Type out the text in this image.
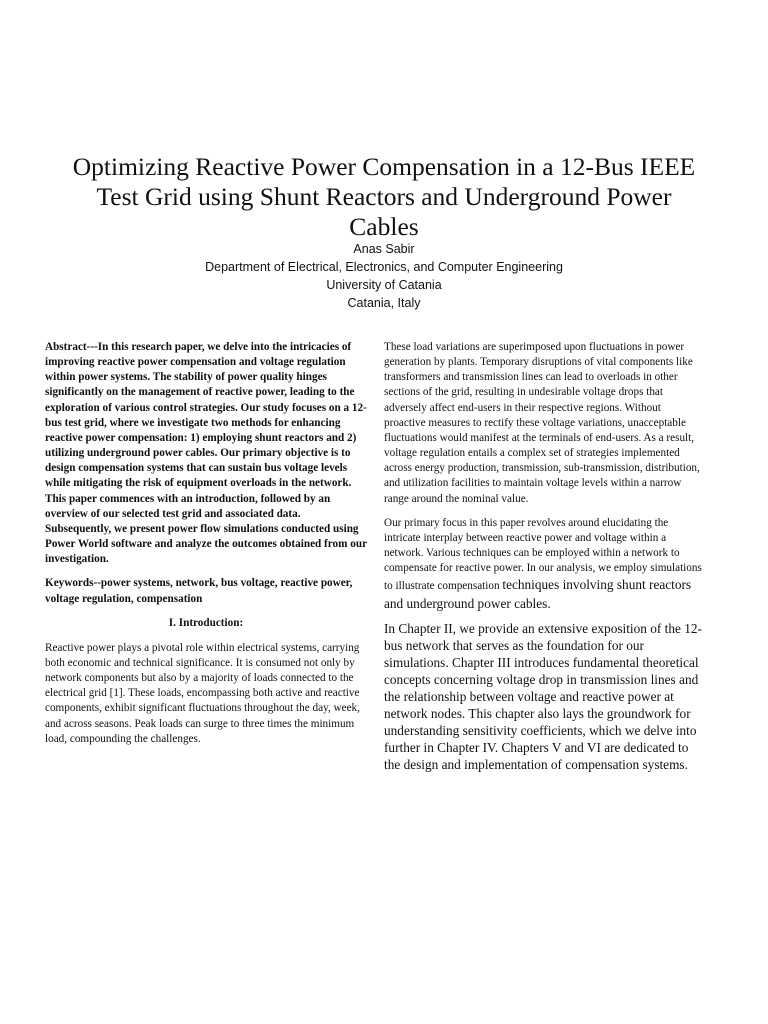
Optimizing Reactive Power Compensation in a 12-Bus IEEE Test Grid using Shunt Reactors and Underground Power Cables
Anas Sabir
Department of Electrical, Electronics, and Computer Engineering
University of Catania
Catania, Italy

Abstract---In this research paper, we delve into the intricacies of improving reactive power compensation and voltage regulation within power systems. The stability of power quality hinges significantly on the management of reactive power, leading to the exploration of various control strategies. Our study focuses on a 12-bus test grid, where we investigate two methods for enhancing reactive power compensation: 1) employing shunt reactors and 2) utilizing underground power cables. Our primary objective is to design compensation systems that can sustain bus voltage levels while mitigating the risk of equipment overloads in the network. This paper commences with an introduction, followed by an overview of our selected test grid and associated data. Subsequently, we present power flow simulations conducted using Power World software and analyze the outcomes obtained from our investigation.

Keywords--power systems, network, bus voltage, reactive power, voltage regulation, compensation

I. Introduction:

Reactive power plays a pivotal role within electrical systems, carrying both economic and technical significance. It is consumed not only by network components but also by a majority of loads connected to the electrical grid [1]. These loads, encompassing both active and reactive components, exhibit significant fluctuations throughout the day, week, and across seasons. Peak loads can surge to three times the minimum load, compounding the challenges.

These load variations are superimposed upon fluctuations in power generation by plants. Temporary disruptions of vital components like transformers and transmission lines can lead to overloads in other sections of the grid, resulting in undesirable voltage drops that adversely affect end-users in their respective regions. Without proactive measures to rectify these voltage variations, unacceptable fluctuations would manifest at the terminals of end-users. As a result, voltage regulation entails a complex set of strategies implemented across energy production, transmission, sub-transmission, distribution, and utilization facilities to maintain voltage levels within a narrow range around the nominal value.

Our primary focus in this paper revolves around elucidating the intricate interplay between reactive power and voltage within a network. Various techniques can be employed within a network to compensate for reactive power. In our analysis, we employ simulations to illustrate compensation techniques involving shunt reactors and underground power cables.

In Chapter II, we provide an extensive exposition of the 12-bus network that serves as the foundation for our simulations. Chapter III introduces fundamental theoretical concepts concerning voltage drop in transmission lines and the relationship between voltage and reactive power at network nodes. This chapter also lays the groundwork for understanding sensitivity coefficients, which we delve into further in Chapter IV. Chapters V and VI are dedicated to the design and implementation of compensation systems.
